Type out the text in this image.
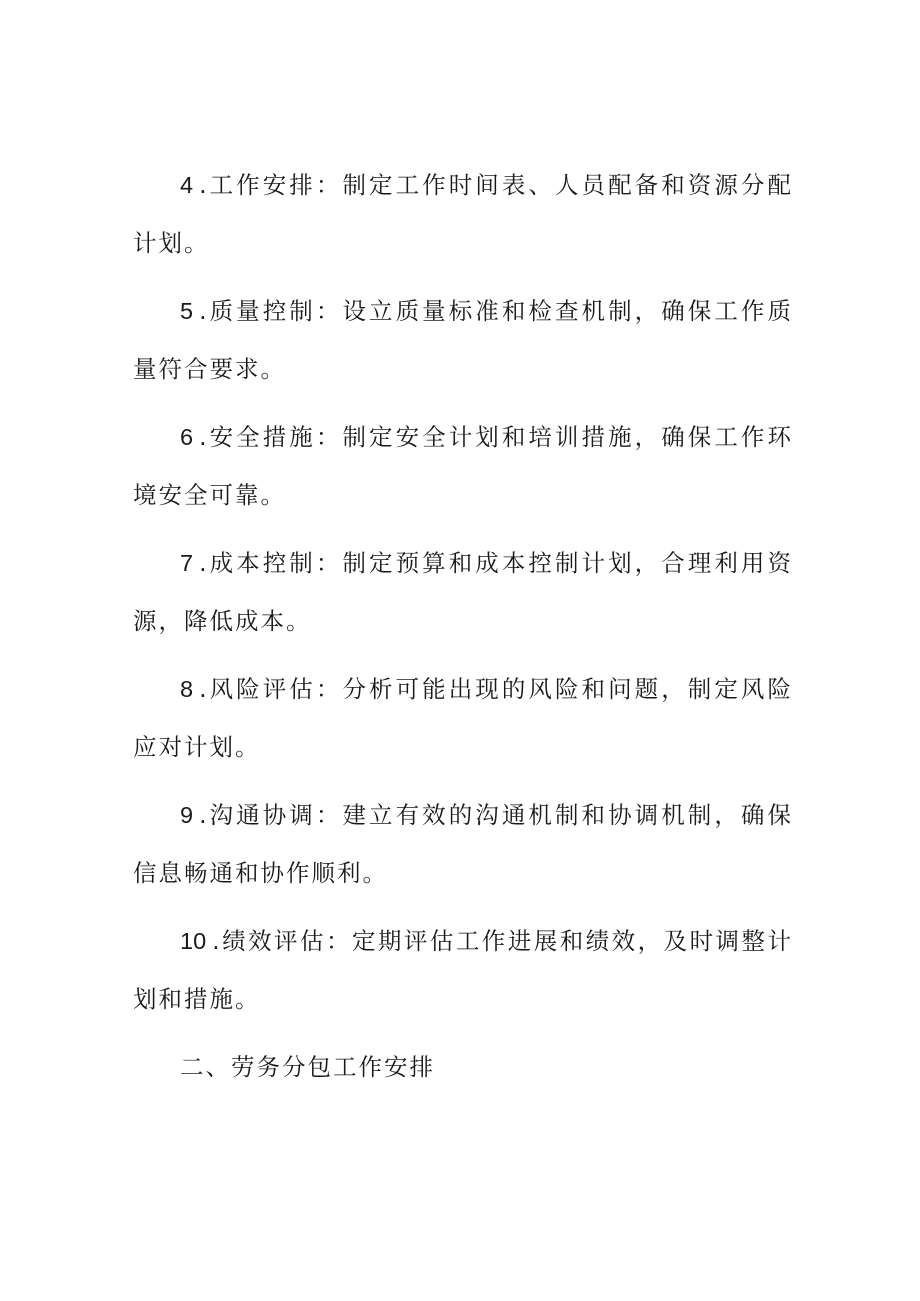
4 .工作安排：制定工作时间表、人员配备和资源分配计划。

5 .质量控制：设立质量标准和检查机制，确保工作质量符合要求。

6 .安全措施：制定安全计划和培训措施，确保工作环境安全可靠。

7 .成本控制：制定预算和成本控制计划，合理利用资源，降低成本。

8 .风险评估：分析可能出现的风险和问题，制定风险应对计划。

9 .沟通协调：建立有效的沟通机制和协调机制，确保信息畅通和协作顺利。

10 .绩效评估：定期评估工作进展和绩效，及时调整计划和措施。

二、劳务分包工作安排
